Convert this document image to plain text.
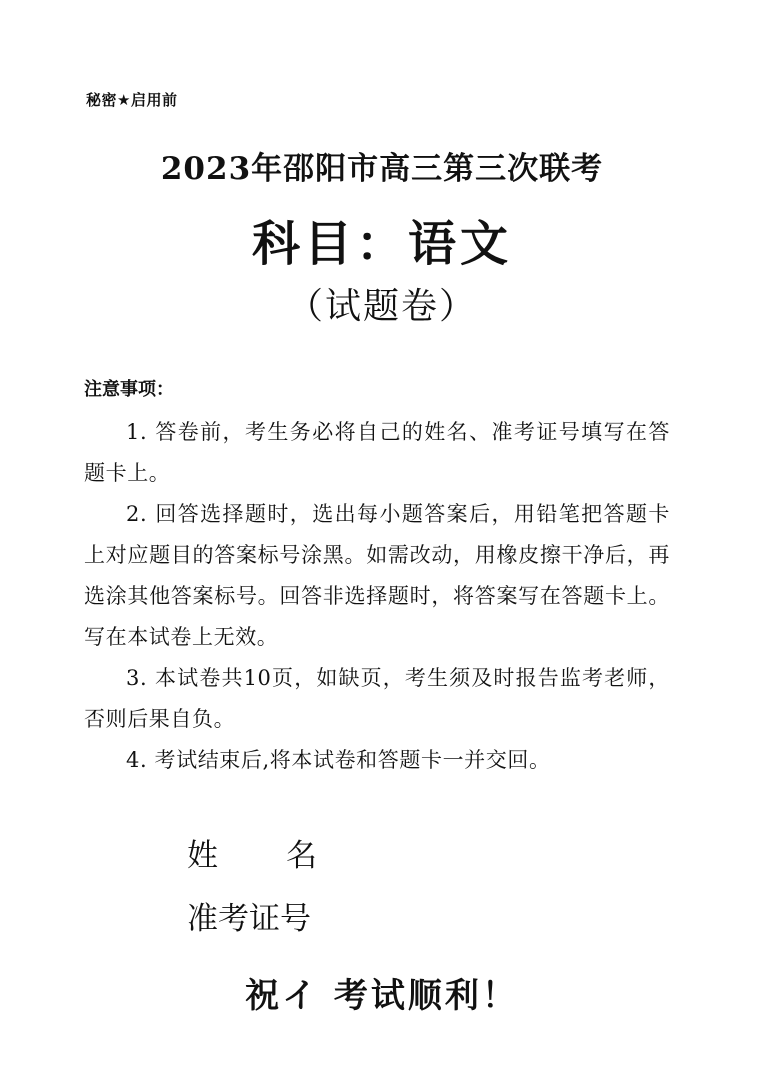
秘密★启用前
2023年邵阳市高三第三次联考
科目：语文
（试题卷）
注意事项：

1. 答卷前，考生务必将自己的姓名、准考证号填写在答题卡上。

2. 回答选择题时，选出每小题答案后，用铅笔把答题卡上对应题目的答案标号涂黑。如需改动，用橡皮擦干净后，再选涂其他答案标号。回答非选择题时，将答案写在答题卡上。写在本试卷上无效。

3. 本试卷共10页，如缺页，考生须及时报告监考老师，否则后果自负。

4. 考试结束后,将本试卷和答题卡一并交回。

姓 名
准考证号
祝イ 考试顺利！
